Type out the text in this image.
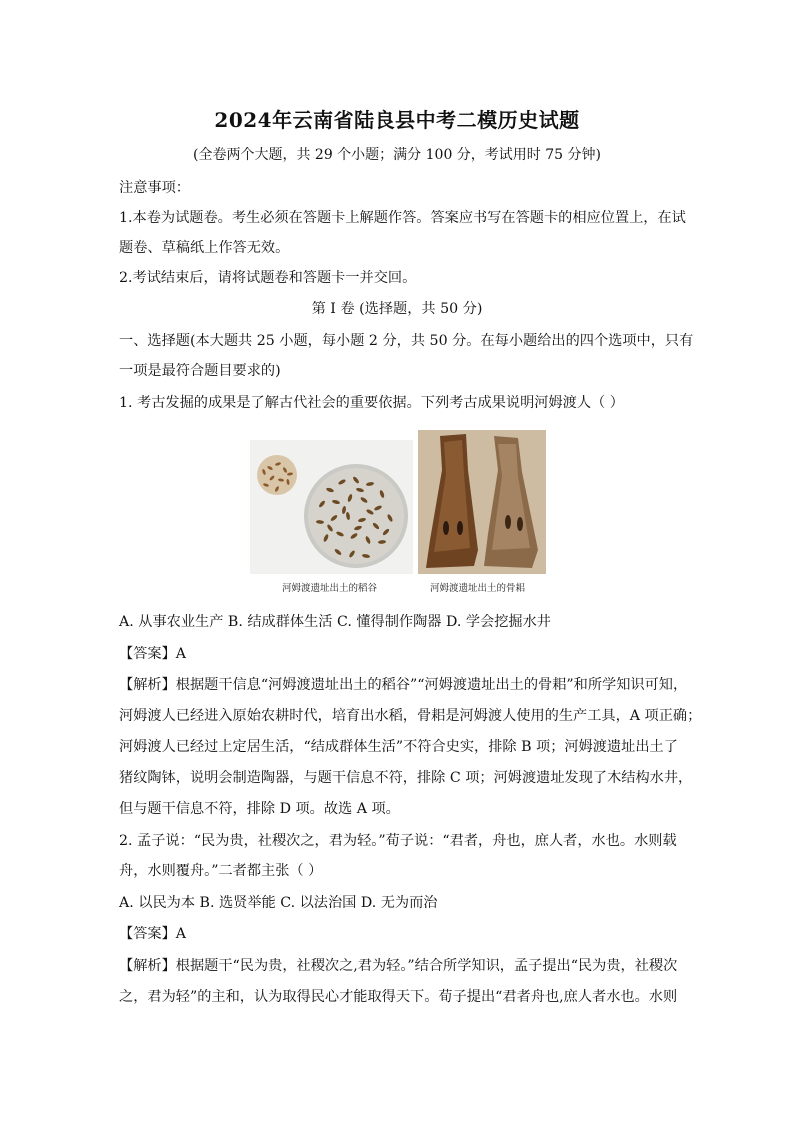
2024年云南省陆良县中考二模历史试题
(全卷两个大题，共 29 个小题；满分 100 分，考试用时 75 分钟)
注意事项：
1.本卷为试题卷。考生必须在答题卡上解题作答。答案应书写在答题卡的相应位置上，在试
题卷、草稿纸上作答无效。
2.考试结束后，请将试题卷和答题卡一并交回。
第 I 卷 (选择题，共 50 分)
一、选择题(本大题共 25 小题，每小题 2 分，共 50 分。在每小题给出的四个选项中，只有
一项是最符合题目要求的)
1. 考古发掘的成果是了解古代社会的重要依据。下列考古成果说明河姆渡人（ ）
河姆渡遗址出土的稻谷	河姆渡遗址出土的骨耜
A. 从事农业生产 B. 结成群体生活 C. 懂得制作陶器 D. 学会挖掘水井
【答案】A
【解析】根据题干信息“河姆渡遗址出土的稻谷”“河姆渡遗址出土的骨耜”和所学知识可知，
河姆渡人已经进入原始农耕时代，培育出水稻，骨耜是河姆渡人使用的生产工具，A 项正确；
河姆渡人已经过上定居生活，“结成群体生活”不符合史实，排除 B 项；河姆渡遗址出土了
猪纹陶钵，说明会制造陶器，与题干信息不符，排除 C 项；河姆渡遗址发现了木结构水井，
但与题干信息不符，排除 D 项。故选 A 项。
2. 孟子说：“民为贵，社稷次之，君为轻。”荀子说：“君者，舟也，庶人者，水也。水则载
舟，水则覆舟。”二者都主张（ ）
A. 以民为本 B. 选贤举能 C. 以法治国 D. 无为而治
【答案】A
【解析】根据题干“民为贵，社稷次之,君为轻。”结合所学知识，孟子提出“民为贵，社稷次
之，君为轻”的主和，认为取得民心才能取得天下。荀子提出“君者舟也,庶人者水也。水则
